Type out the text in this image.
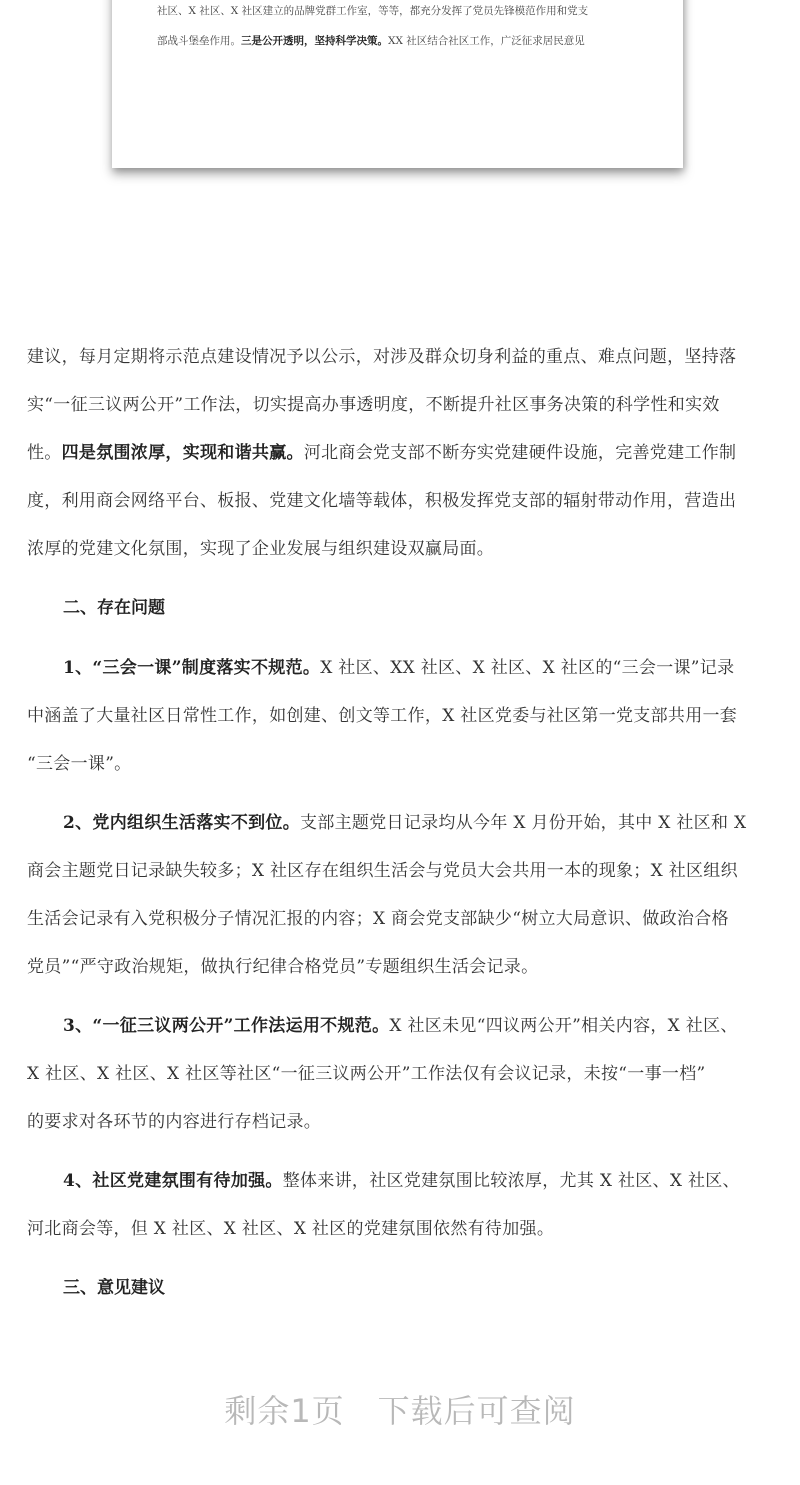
社区、X 社区、X 社区建立的品牌党群工作室，等等，都充分发挥了党员先锋模范作用和党支
部战斗堡垒作用。三是公开透明，坚持科学决策。XX 社区结合社区工作，广泛征求居民意见
建议，每月定期将示范点建设情况予以公示，对涉及群众切身利益的重点、难点问题，坚持落
实“一征三议两公开”工作法，切实提高办事透明度，不断提升社区事务决策的科学性和实效
性。四是氛围浓厚，实现和谐共赢。河北商会党支部不断夯实党建硬件设施，完善党建工作制
度，利用商会网络平台、板报、党建文化墙等载体，积极发挥党支部的辐射带动作用，营造出
浓厚的党建文化氛围，实现了企业发展与组织建设双赢局面。
二、存在问题
1、“三会一课”制度落实不规范。X 社区、XX 社区、X 社区、X 社区的“三会一课”记录
中涵盖了大量社区日常性工作，如创建、创文等工作，X 社区党委与社区第一党支部共用一套
“三会一课”。
2、党内组织生活落实不到位。支部主题党日记录均从今年 X 月份开始，其中 X 社区和 X
商会主题党日记录缺失较多；X 社区存在组织生活会与党员大会共用一本的现象；X 社区组织
生活会记录有入党积极分子情况汇报的内容；X 商会党支部缺少“树立大局意识、做政治合格
党员”“严守政治规矩，做执行纪律合格党员”专题组织生活会记录。
3、“一征三议两公开”工作法运用不规范。X 社区未见“四议两公开”相关内容，X 社区、
X 社区、X 社区、X 社区等社区“一征三议两公开”工作法仅有会议记录，未按“一事一档”
的要求对各环节的内容进行存档记录。
4、社区党建氛围有待加强。整体来讲，社区党建氛围比较浓厚，尤其 X 社区、X 社区、
河北商会等，但 X 社区、X 社区、X 社区的党建氛围依然有待加强。
三、意见建议
剩余1页　下载后可查阅
